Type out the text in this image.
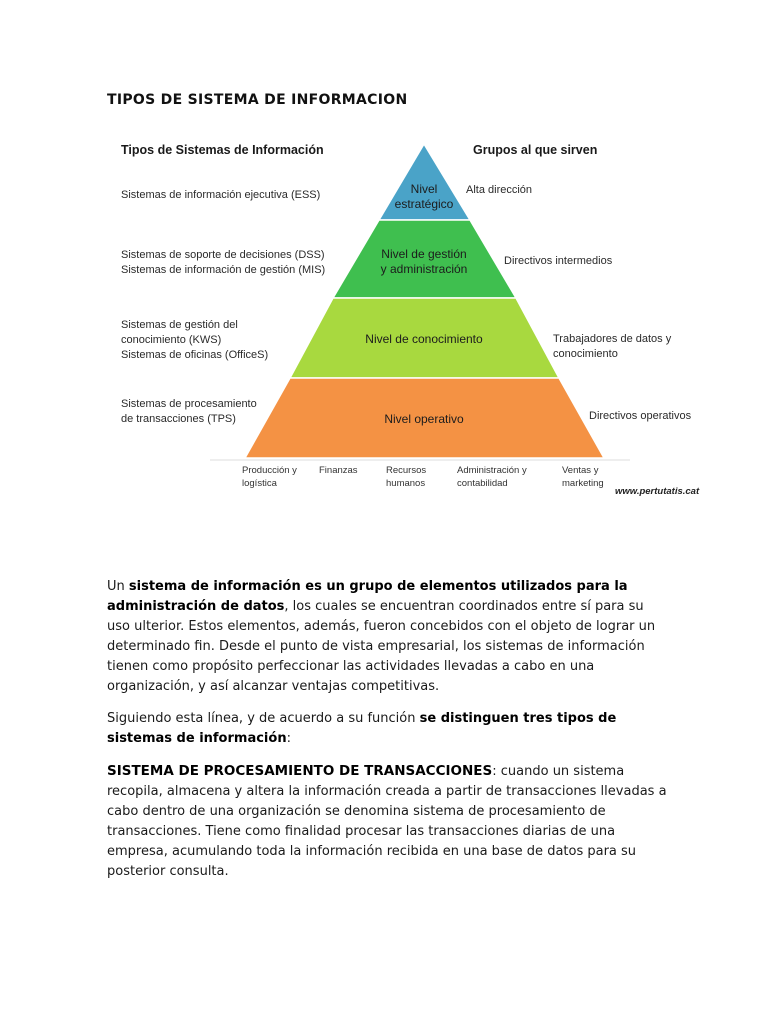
TIPOS DE SISTEMA DE INFORMACION
Tipos de Sistemas de Información	Grupos al que sirven
Nivel
estratégico
Nivel de gestión
y administración
Nivel de conocimiento
Nivel operativo
Sistemas de información ejecutiva (ESS)
Sistemas de soporte de decisiones (DSS)
Sistemas de información de gestión (MIS)
Sistemas de gestión del
conocimiento (KWS)
Sistemas de oficinas (OfficeS)
Sistemas de procesamiento
de transacciones (TPS)
Alta dirección
Directivos intermedios
Trabajadores de datos y
conocimiento
Directivos operativos
Producción y
logística
Finanzas	Recursos
humanos
Administración y
contabilidad
Ventas y
marketing
www.pertutatis.cat

Un sistema de información es un grupo de elementos utilizados para la administración de datos, los cuales se encuentran coordinados entre sí para su uso ulterior. Estos elementos, además, fueron concebidos con el objeto de lograr un determinado fin. Desde el punto de vista empresarial, los sistemas de información tienen como propósito perfeccionar las actividades llevadas a cabo en una organización, y así alcanzar ventajas competitivas.

Siguiendo esta línea, y de acuerdo a su función se distinguen tres tipos de sistemas de información:

SISTEMA DE PROCESAMIENTO DE TRANSACCIONES: cuando un sistema recopila, almacena y altera la información creada a partir de transacciones llevadas a cabo dentro de una organización se denomina sistema de procesamiento de transacciones. Tiene como finalidad procesar las transacciones diarias de una empresa, acumulando toda la información recibida en una base de datos para su posterior consulta.
